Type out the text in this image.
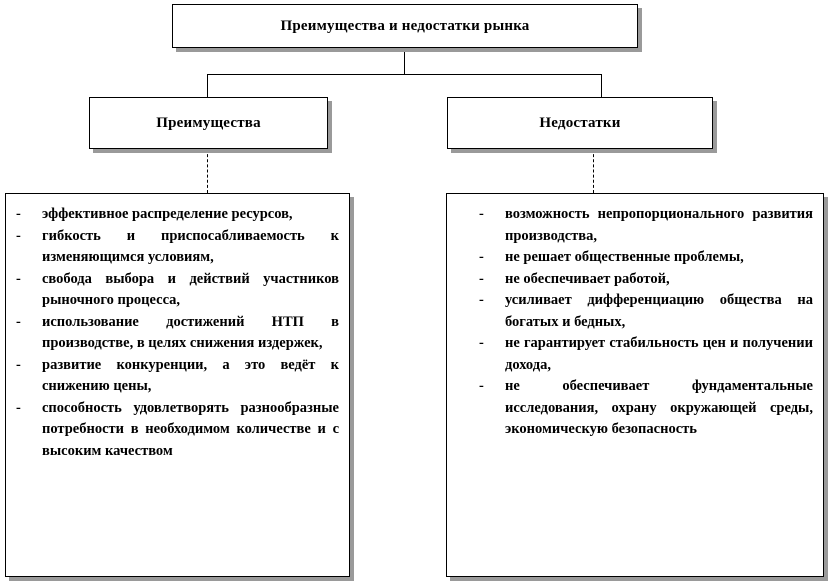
Преимущества и недостатки рынка
Преимущества	Недостатки
- эффективное распределение ресурсов,
- гибкость и приспосабливаемость к изменяющимся условиям,
- свобода выбора и действий участников рыночного процесса,
- использование достижений НТП в производстве, в целях снижения издержек,
- развитие конкуренции, а это ведёт к снижению цены,
- способность удовлетворять разнообразные потребности в необходимом количестве и с высоким качеством
- возможность непропорционального развития производства,
- не решает общественные проблемы,
- не обеспечивает работой,
- усиливает дифференциацию общества на богатых и бедных,
- не гарантирует стабильность цен и получении дохода,
- не обеспечивает фундаментальные исследования, охрану окружающей среды, экономическую безопасность
